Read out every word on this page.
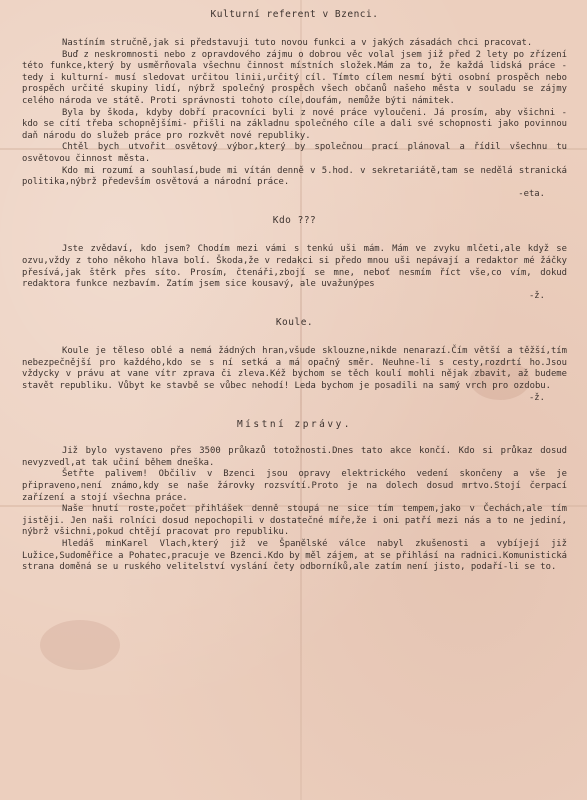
Kulturní referent v Bzenci.

Nastíním stručně,jak si představuji tuto novou funkci a v jakých zásadách chci pracovat.

Buď z neskromnosti nebo z opravdového zájmu o dobrou věc volal jsem již před 2 lety po zřízení této funkce,který by usměrňovala všechnu činnost místních složek.Mám za to, že každá lidská práce - tedy i kulturní- musí sledovat určitou linii,určitý cíl. Tímto cílem nesmí býti osobní prospěch nebo prospěch určité skupiny lidí, nýbrž společný prospěch všech občanů našeho města v souladu se zájmy celého národa ve státě. Proti správnosti tohoto cíle,doufám, nemůže býti námitek.

Byla by škoda, kdyby dobří pracovníci byli z nové práce vyloučeni. Já prosím, aby všichni - kdo se cítí třeba schopnějšími- přišli na základnu společného cíle a dali své schopnosti jako povinnou daň národu do služeb práce pro rozkvět nové republiky.

Chtěl bych utvořit osvětový výbor,který by společnou prací plánoval a řídil všechnu tu osvětovou činnost města.

Kdo mi rozumí a souhlasí,bude mi vítán denně v 5.hod. v sekretariátě,tam se nedělá stranická politika,nýbrž především osvětová a národní práce.

-eta.

Kdo ???

Jste zvědaví, kdo jsem? Chodím mezi vámi s tenkú uši mám. Mám ve zvyku mlčeti,ale když se ozvu,vždy z toho někoho hlava bolí. Škoda,že v redakci si předo mnou uši nepávají a redaktor mé žáčky přesívá,jak štěrk přes síto. Prosím, čtenáři,zbojí se mne, neboť nesmím říct vše,co vím, dokud redaktora funkce nezbavím. Zatím jsem sice kousavý, ale uvažunýpes

-ž.

Koule.

Koule je těleso oblé a nemá žádných hran,všude sklouzne,nikde nenarazí.Čím větší a těžší,tím nebezpečnější pro každého,kdo se s ní setká a má opačný směr. Neuhne-li s cesty,rozdrtí ho.Jsou vždycky v právu at vane vítr zprava či zleva.Kéž bychom se těch koulí mohli nějak zbavit, až budeme stavět republiku. Vůbyt ke stavbě se vůbec nehodí! Leda bychom je posadili na samý vrch pro ozdobu.

-ž.

Místní zprávy.

Již bylo vystaveno přes 3500 průkazů totožnosti.Dnes tato akce končí. Kdo si průkaz dosud nevyzvedl,at tak učiní během dneška.

Šetřte palivem! Občiliv v Bzenci jsou opravy elektrického vedení skončeny a vše je připraveno,není známo,kdy se naše žárovky rozsvítí.Proto je na dolech dosud mrtvo.Stojí čerpací zařízení a stojí všechna práce.

Naše hnutí roste,počet přihlášek denně stoupá ne sice tím tempem,jako v Čechách,ale tím jistěji. Jen naši rolníci dosud nepochopili v dostatečné míře,že i oni patří mezi nás a to ne jediní, nýbrž všichni,pokud chtějí pracovat pro republiku.

Hledáš minKarel Vlach,který již ve Španělské válce nabyl zkušenosti a vybíjejí již Lužice,Sudoměřice a Pohatec,pracuje ve Bzenci.Kdo by měl zájem, at se přihlásí na radnici.Komunistická strana doměná se u ruského velitelství vyslání čety odborníků,ale zatím není jisto, podaří-li se to.
